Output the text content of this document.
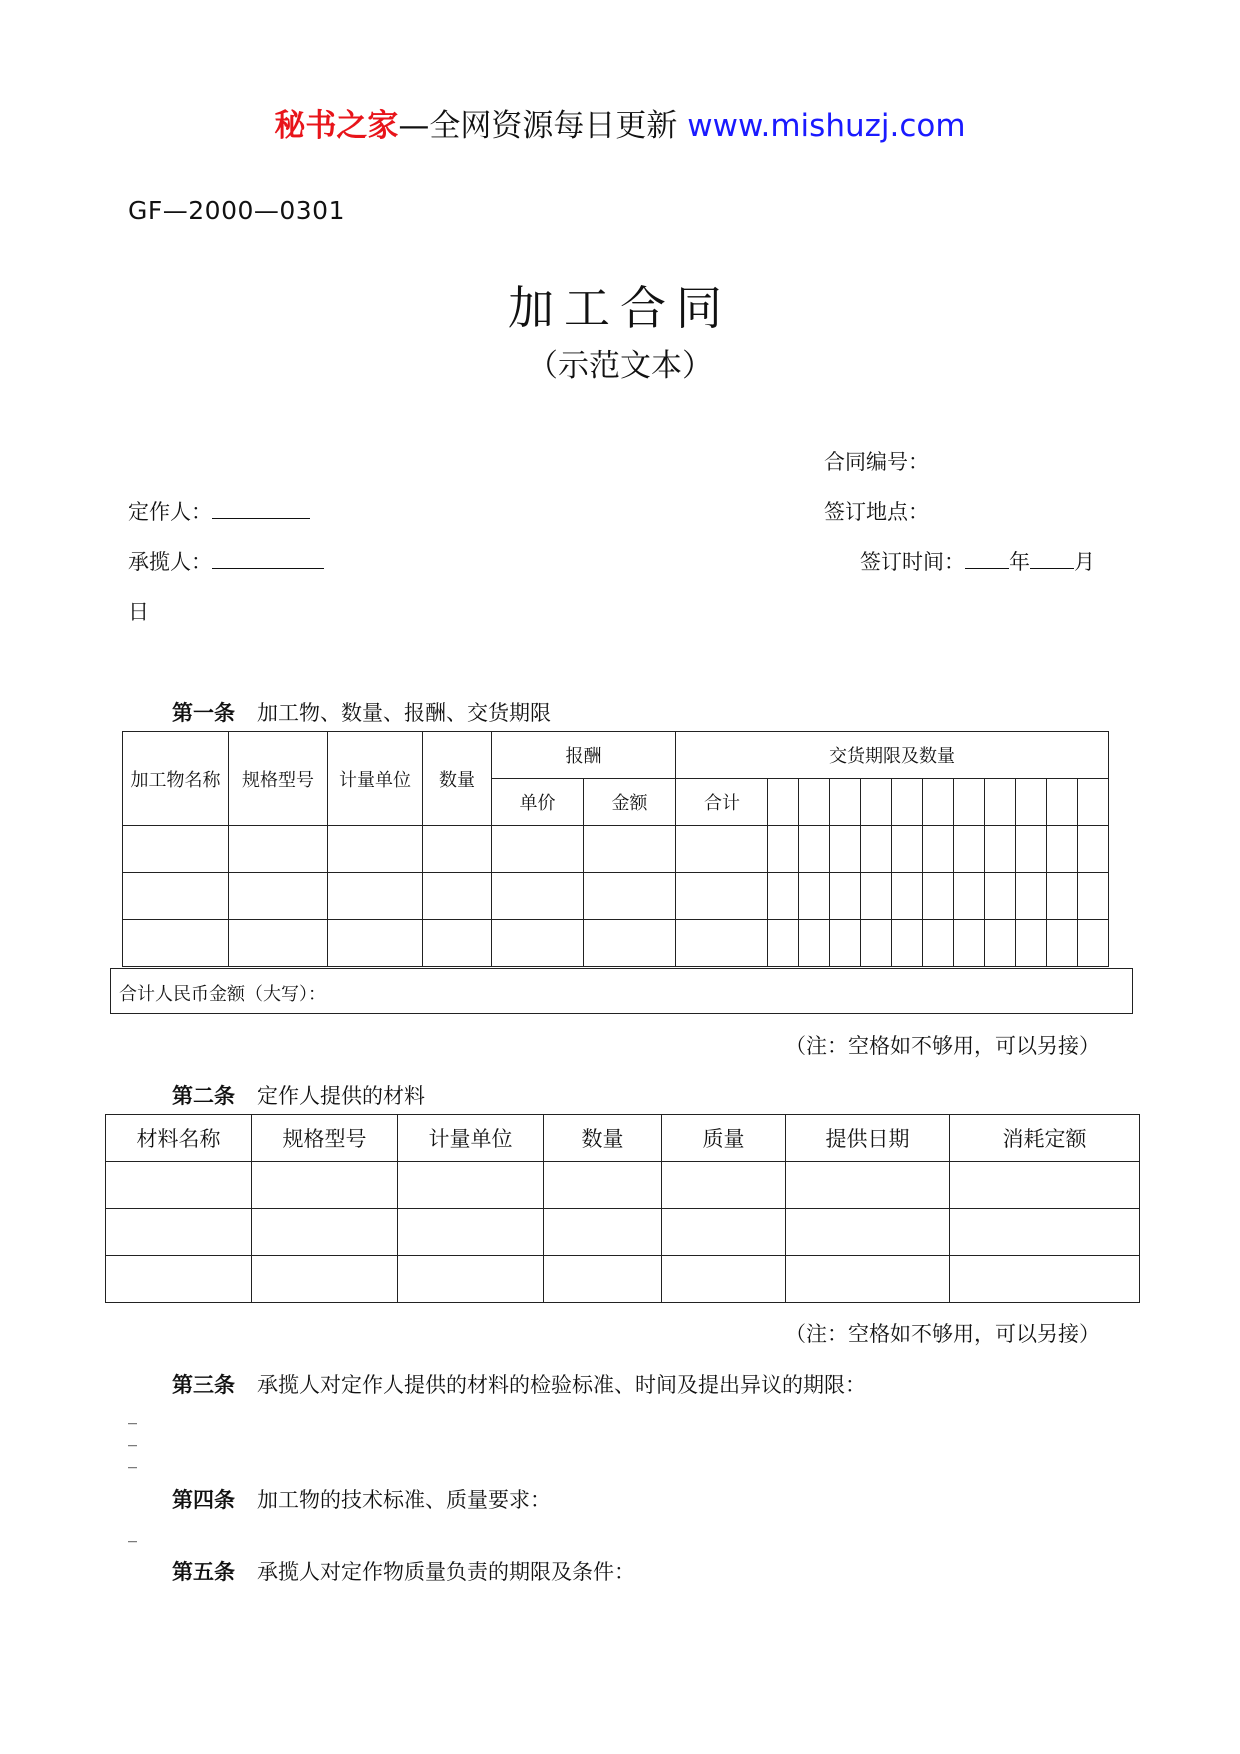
秘书之家—全网资源每日更新 www.mishuzj.com
GF—2000—0301
加工合同
（示范文本）
合同编号：
定作人：	签订地点：
承揽人：	签订时间： 年 月
日
第一条 加工物、数量、报酬、交货期限
加工物名称	规格型号	计量单位	数量	报酬		交货期限及数量											
				单价	金额	合计											

合计人民币金额（大写）：
（注：空格如不够用，可以另接）
第二条 定作人提供的材料
材料名称	规格型号	计量单位	数量	质量	提供日期	消耗定额

（注：空格如不够用，可以另接）
第三条 承揽人对定作人提供的材料的检验标准、时间及提出异议的期限：
_
_
_
第四条 加工物的技术标准、质量要求：
_
第五条 承揽人对定作物质量负责的期限及条件：
